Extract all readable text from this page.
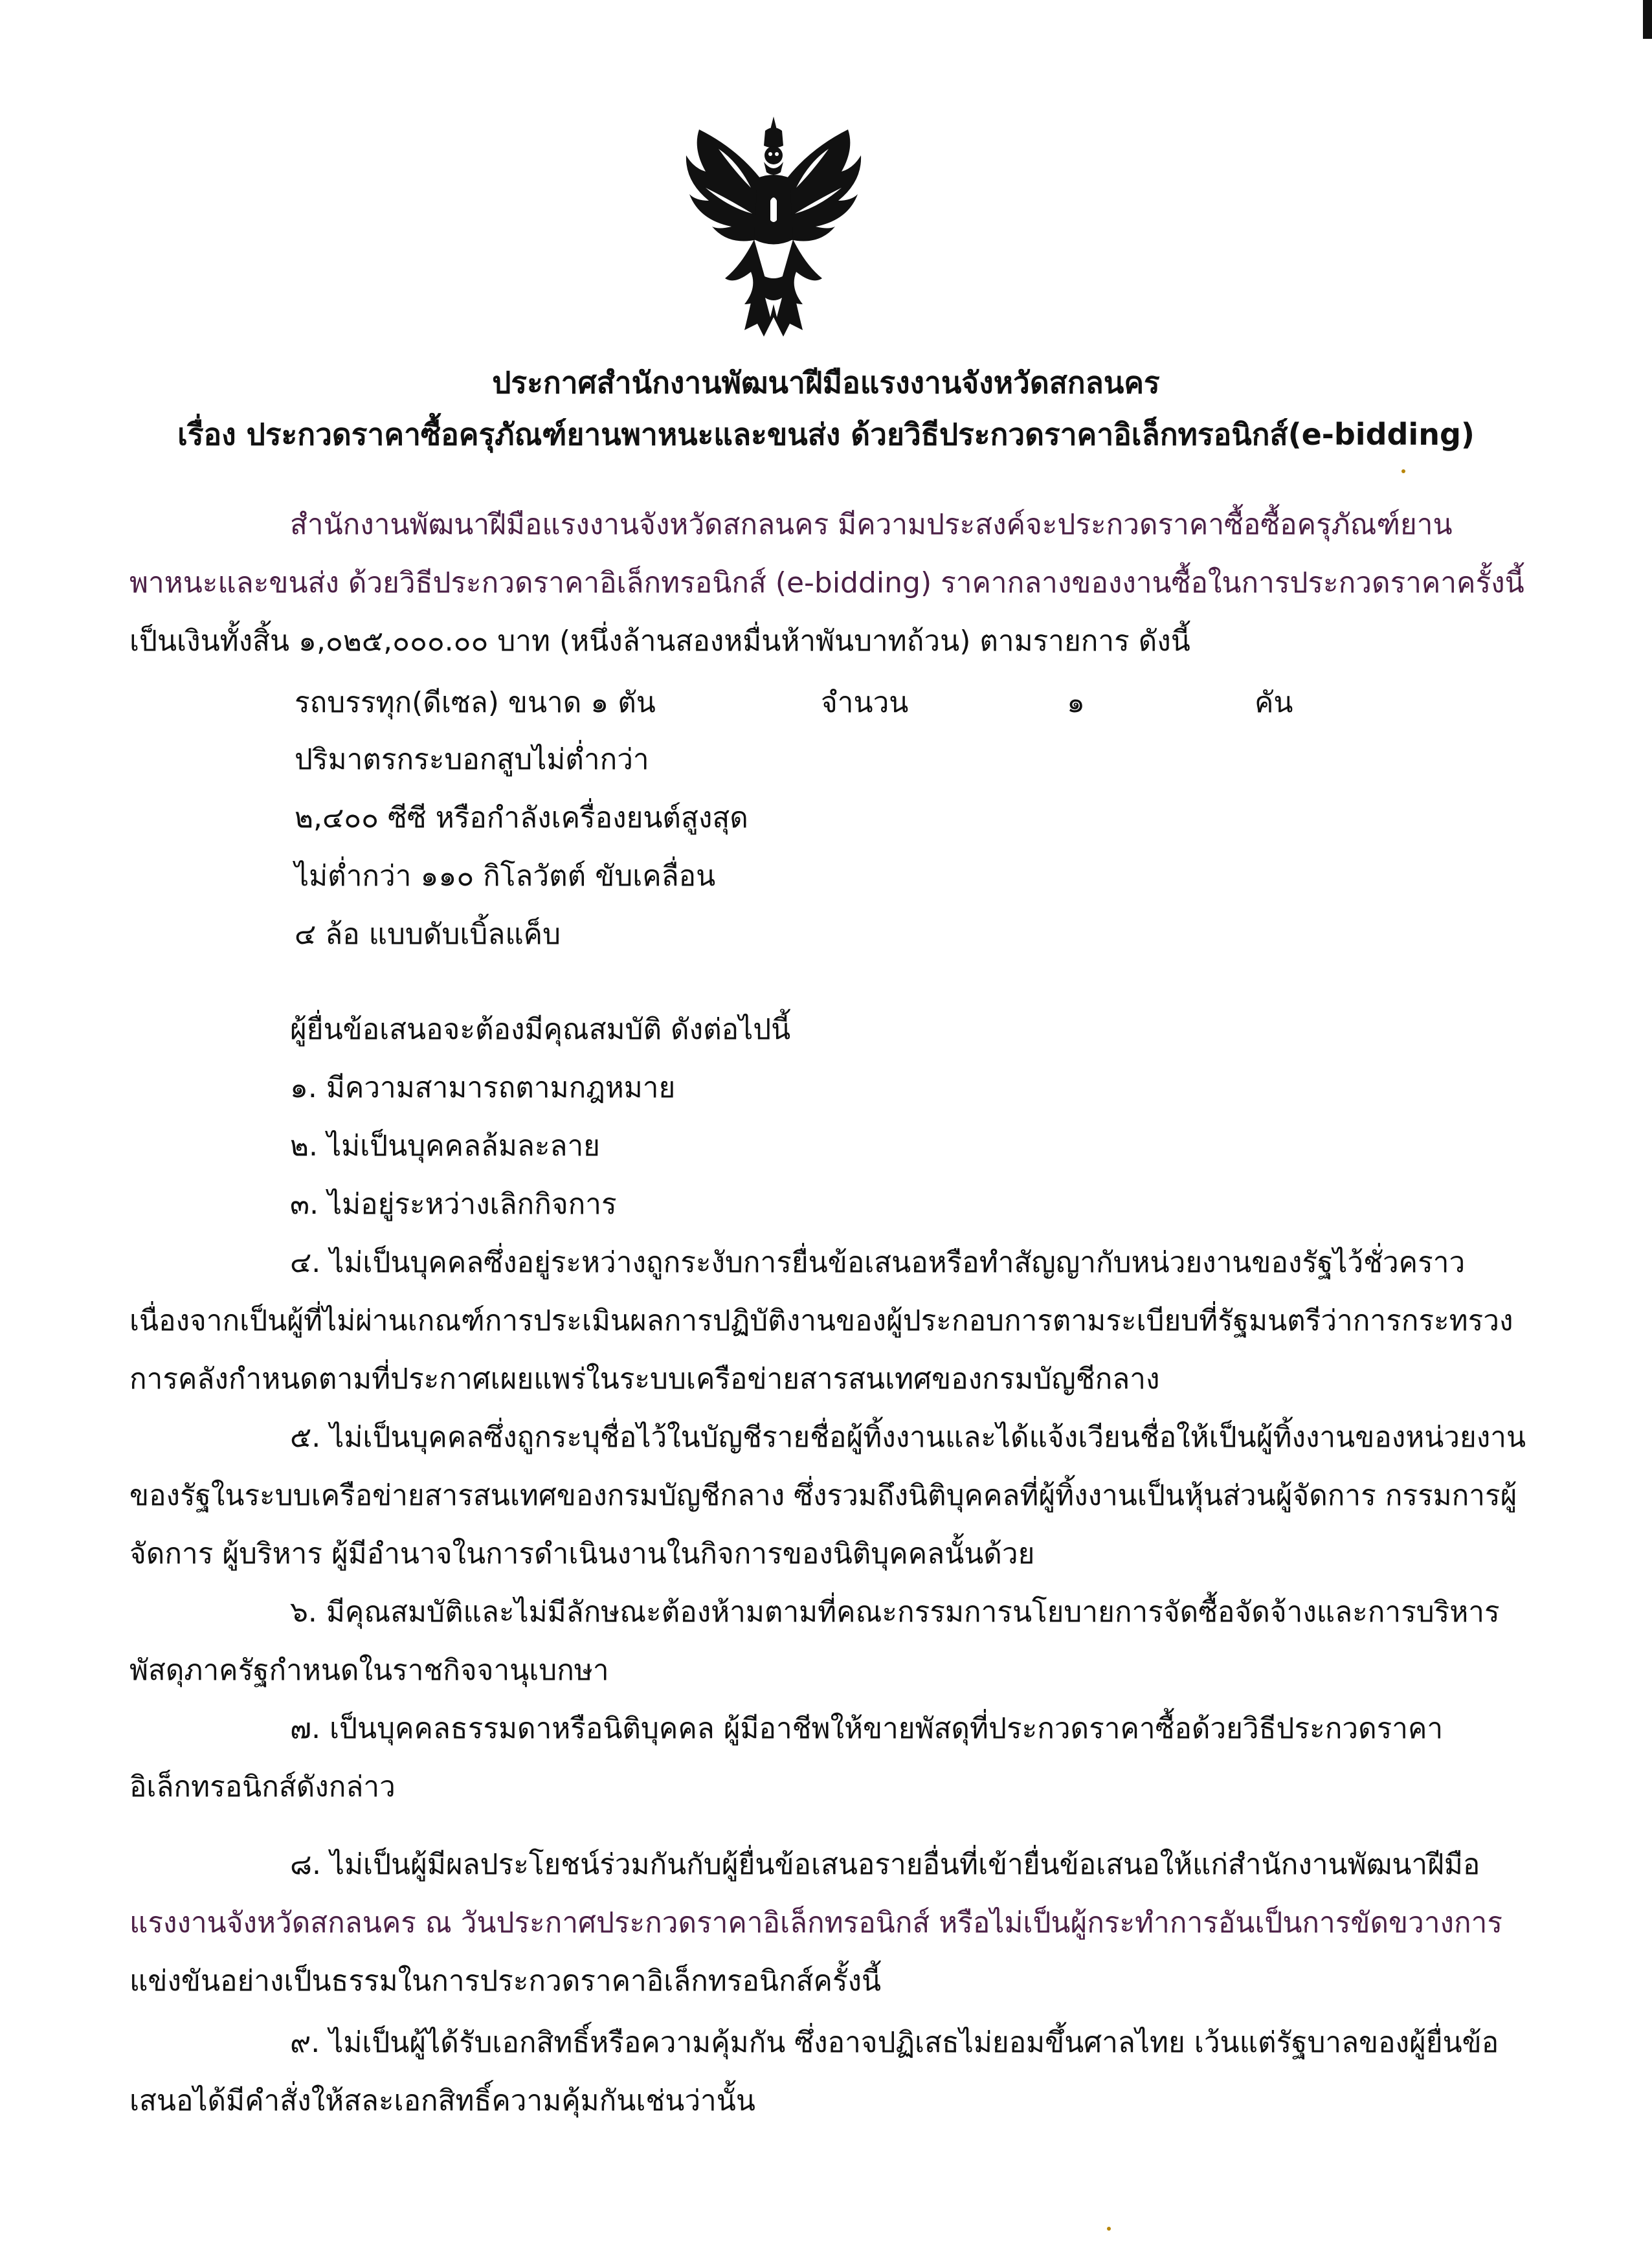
ประกาศสำนักงานพัฒนาฝีมือแรงงานจังหวัดสกลนคร
เรื่อง ประกวดราคาซื้อครุภัณฑ์ยานพาหนะและขนส่ง ด้วยวิธีประกวดราคาอิเล็กทรอนิกส์(e-bidding)
สำนักงานพัฒนาฝีมือแรงงานจังหวัดสกลนคร มีความประสงค์จะประกวดราคาซื้อซื้อครุภัณฑ์ยาน
พาหนะและขนส่ง ด้วยวิธีประกวดราคาอิเล็กทรอนิกส์ (e-bidding) ราคากลางของงานซื้อในการประกวดราคาครั้งนี้
เป็นเงินทั้งสิ้น ๑,๐๒๕,๐๐๐.๐๐ บาท (หนึ่งล้านสองหมื่นห้าพันบาทถ้วน) ตามรายการ ดังนี้
รถบรรทุก(ดีเซล) ขนาด ๑ ตัน	จำนวน	๑	คัน
ปริมาตรกระบอกสูบไม่ต่ำกว่า
๒,๔๐๐ ซีซี หรือกำลังเครื่องยนต์สูงสุด
ไม่ต่ำกว่า ๑๑๐ กิโลวัตต์ ขับเคลื่อน
๔ ล้อ แบบดับเบิ้ลแค็บ
ผู้ยื่นข้อเสนอจะต้องมีคุณสมบัติ ดังต่อไปนี้
๑. มีความสามารถตามกฎหมาย
๒. ไม่เป็นบุคคลล้มละลาย
๓. ไม่อยู่ระหว่างเลิกกิจการ
๔. ไม่เป็นบุคคลซึ่งอยู่ระหว่างถูกระงับการยื่นข้อเสนอหรือทำสัญญากับหน่วยงานของรัฐไว้ชั่วคราว
เนื่องจากเป็นผู้ที่ไม่ผ่านเกณฑ์การประเมินผลการปฏิบัติงานของผู้ประกอบการตามระเบียบที่รัฐมนตรีว่าการกระทรวง
การคลังกำหนดตามที่ประกาศเผยแพร่ในระบบเครือข่ายสารสนเทศของกรมบัญชีกลาง
๕. ไม่เป็นบุคคลซึ่งถูกระบุชื่อไว้ในบัญชีรายชื่อผู้ทิ้งงานและได้แจ้งเวียนชื่อให้เป็นผู้ทิ้งงานของหน่วยงาน
ของรัฐในระบบเครือข่ายสารสนเทศของกรมบัญชีกลาง ซึ่งรวมถึงนิติบุคคลที่ผู้ทิ้งงานเป็นหุ้นส่วนผู้จัดการ กรรมการผู้
จัดการ ผู้บริหาร ผู้มีอำนาจในการดำเนินงานในกิจการของนิติบุคคลนั้นด้วย
๖. มีคุณสมบัติและไม่มีลักษณะต้องห้ามตามที่คณะกรรมการนโยบายการจัดซื้อจัดจ้างและการบริหาร
พัสดุภาครัฐกำหนดในราชกิจจานุเบกษา
๗. เป็นบุคคลธรรมดาหรือนิติบุคคล ผู้มีอาชีพให้ขายพัสดุที่ประกวดราคาซื้อด้วยวิธีประกวดราคา
อิเล็กทรอนิกส์ดังกล่าว
๘. ไม่เป็นผู้มีผลประโยชน์ร่วมกันกับผู้ยื่นข้อเสนอรายอื่นที่เข้ายื่นข้อเสนอให้แก่สำนักงานพัฒนาฝีมือ
แรงงานจังหวัดสกลนคร ณ วันประกาศประกวดราคาอิเล็กทรอนิกส์ หรือไม่เป็นผู้กระทำการอันเป็นการขัดขวางการ
แข่งขันอย่างเป็นธรรมในการประกวดราคาอิเล็กทรอนิกส์ครั้งนี้
๙. ไม่เป็นผู้ได้รับเอกสิทธิ์หรือความคุ้มกัน ซึ่งอาจปฏิเสธไม่ยอมขึ้นศาลไทย เว้นแต่รัฐบาลของผู้ยื่นข้อ
เสนอได้มีคำสั่งให้สละเอกสิทธิ์ความคุ้มกันเช่นว่านั้น
